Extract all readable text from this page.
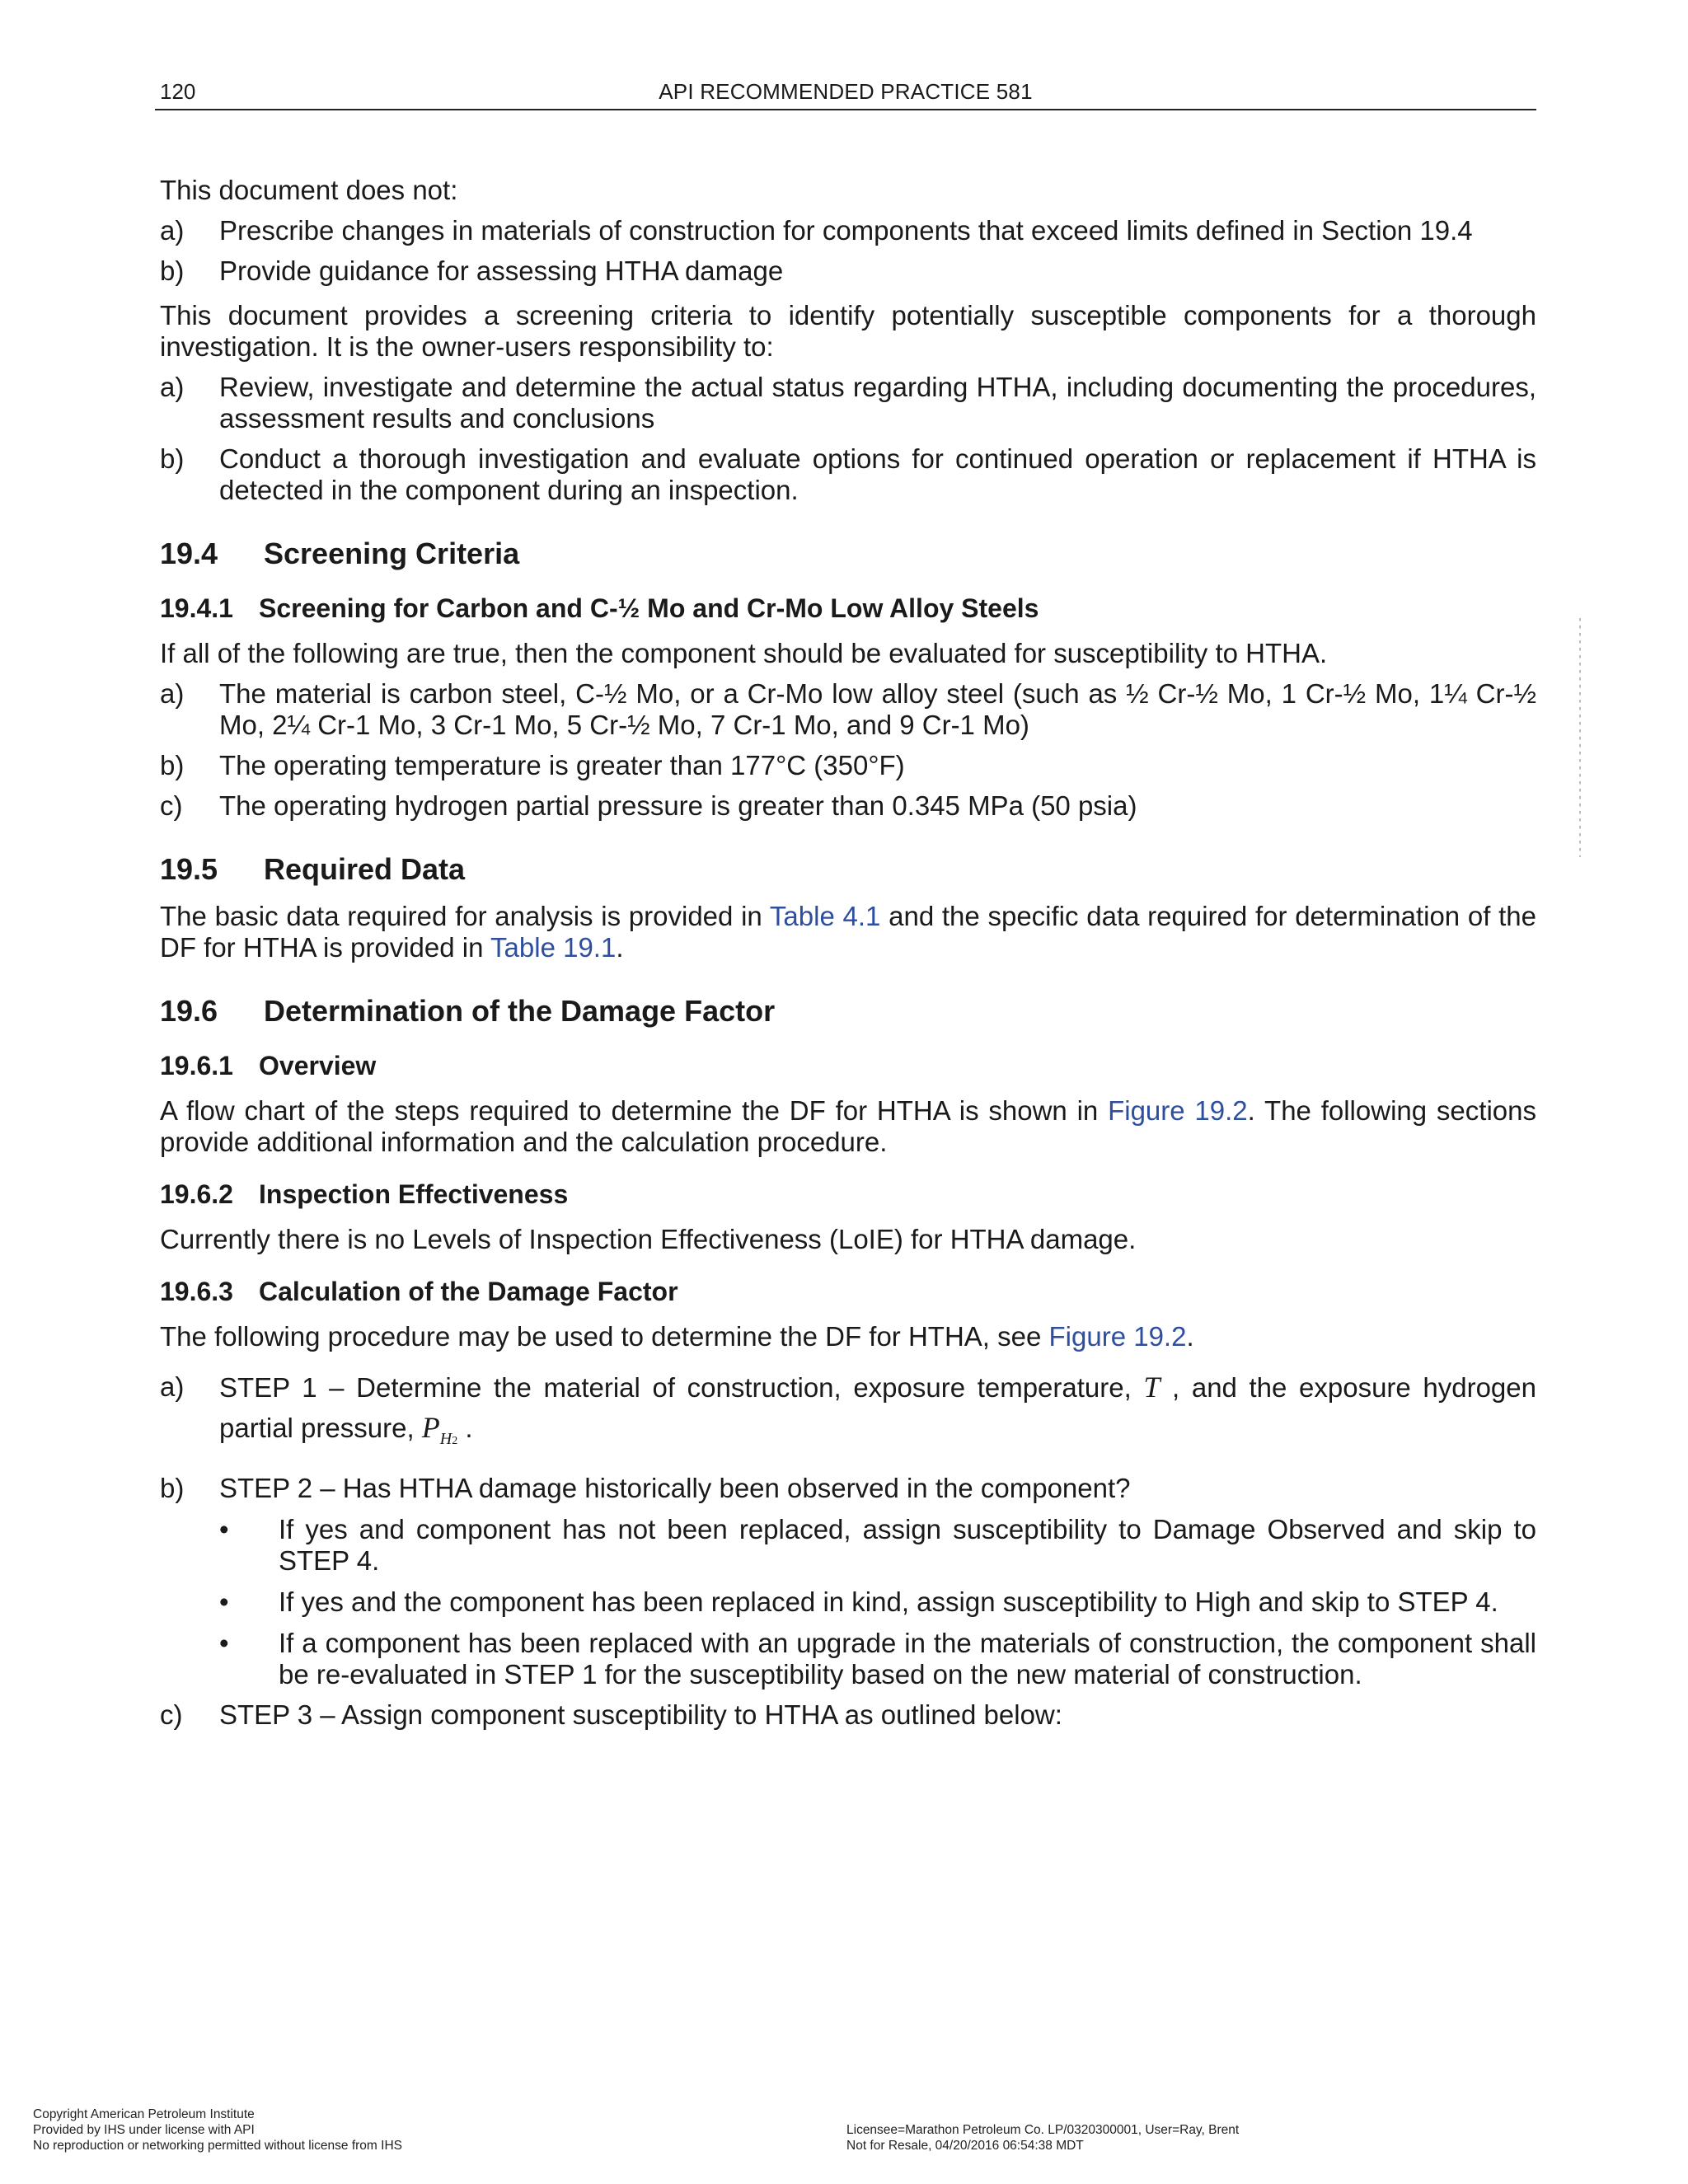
120	API RECOMMENDED PRACTICE 581

This document does not:

a)	Prescribe changes in materials of construction for components that exceed limits defined in Section 19.4
b)	Provide guidance for assessing HTHA damage

This document provides a screening criteria to identify potentially susceptible components for a thorough investigation. It is the owner-users responsibility to:

a)	Review, investigate and determine the actual status regarding HTHA, including documenting the procedures, assessment results and conclusions
b)	Conduct a thorough investigation and evaluate options for continued operation or replacement if HTHA is detected in the component during an inspection.
19.4	Screening Criteria
19.4.1 Screening for Carbon and C-½ Mo and Cr-Mo Low Alloy Steels

If all of the following are true, then the component should be evaluated for susceptibility to HTHA.

a)	The material is carbon steel, C-½ Mo, or a Cr-Mo low alloy steel (such as ½ Cr-½ Mo, 1 Cr-½ Mo, 1¼ Cr-½ Mo, 2¼ Cr-1 Mo, 3 Cr-1 Mo, 5 Cr-½ Mo, 7 Cr-1 Mo, and 9 Cr-1 Mo)
b)	The operating temperature is greater than 177°C (350°F)
c)	The operating hydrogen partial pressure is greater than 0.345 MPa (50 psia)
19.5	Required Data

The basic data required for analysis is provided in Table 4.1 and the specific data required for determination of the DF for HTHA is provided in Table 19.1.

19.6	Determination of the Damage Factor
19.6.1 Overview

A flow chart of the steps required to determine the DF for HTHA is shown in Figure 19.2. The following sections provide additional information and the calculation procedure.

19.6.2 Inspection Effectiveness

Currently there is no Levels of Inspection Effectiveness (LoIE) for HTHA damage.

19.6.3 Calculation of the Damage Factor

The following procedure may be used to determine the DF for HTHA, see Figure 19.2.

a)	STEP 1 – Determine the material of construction, exposure temperature, T , and the exposure hydrogen partial pressure, $P_{H2}$ .
b)	STEP 2 – Has HTHA damage historically been observed in the component?
•	If yes and component has not been replaced, assign susceptibility to Damage Observed and skip to STEP 4.
•	If yes and the component has been replaced in kind, assign susceptibility to High and skip to STEP 4.
•	If a component has been replaced with an upgrade in the materials of construction, the component shall be re-evaluated in STEP 1 for the susceptibility based on the new material of construction.
c)	STEP 3 – Assign component susceptibility to HTHA as outlined below:
Copyright American Petroleum Institute
Provided by IHS under license with API
No reproduction or networking permitted without license from IHS
Licensee=Marathon Petroleum Co. LP/0320300001, User=Ray, Brent
Not for Resale, 04/20/2016 06:54:38 MDT
